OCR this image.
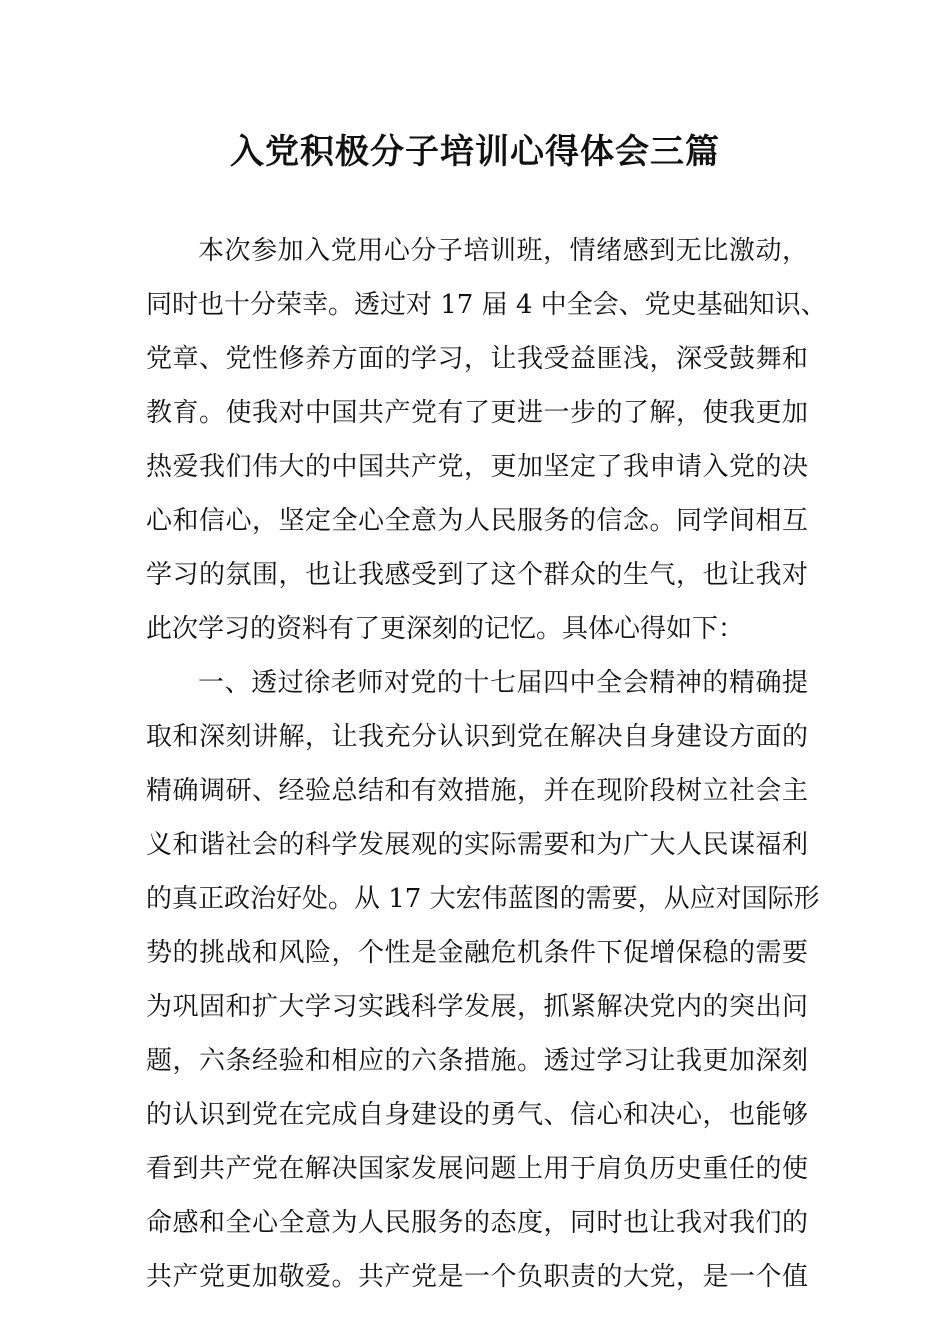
入党积极分子培训心得体会三篇
本次参加入党用心分子培训班，情绪感到无比激动，
同时也十分荣幸。透过对 17 届 4 中全会、党史基础知识、
党章、党性修养方面的学习，让我受益匪浅，深受鼓舞和
教育。使我对中国共产党有了更进一步的了解，使我更加
热爱我们伟大的中国共产党，更加坚定了我申请入党的决
心和信心，坚定全心全意为人民服务的信念。同学间相互
学习的氛围，也让我感受到了这个群众的生气，也让我对
此次学习的资料有了更深刻的记忆。具体心得如下：
一、透过徐老师对党的十七届四中全会精神的精确提
取和深刻讲解，让我充分认识到党在解决自身建设方面的
精确调研、经验总结和有效措施，并在现阶段树立社会主
义和谐社会的科学发展观的实际需要和为广大人民谋福利
的真正政治好处。从 17 大宏伟蓝图的需要，从应对国际形
势的挑战和风险，个性是金融危机条件下促增保稳的需要
为巩固和扩大学习实践科学发展，抓紧解决党内的突出问
题，六条经验和相应的六条措施。透过学习让我更加深刻
的认识到党在完成自身建设的勇气、信心和决心，也能够
看到共产党在解决国家发展问题上用于肩负历史重任的使
命感和全心全意为人民服务的态度，同时也让我对我们的
共产党更加敬爱。共产党是一个负职责的大党，是一个值
